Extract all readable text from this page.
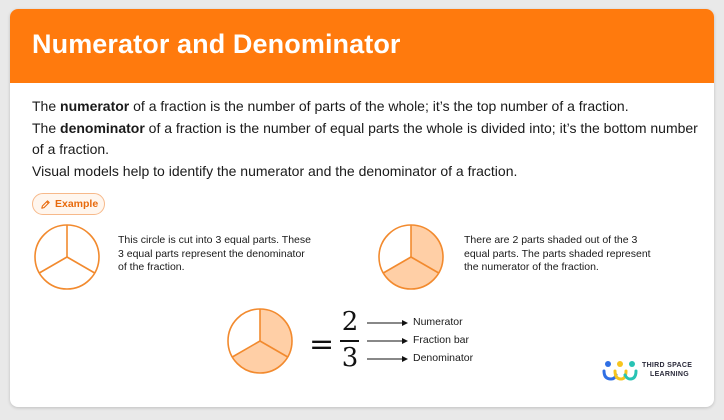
Numerator and Denominator

The numerator of a fraction is the number of parts of the whole; it’s the top number of a fraction.

The denominator of a fraction is the number of equal parts the whole is divided into; it’s the bottom number of a fraction.

Visual models help to identify the numerator and the denominator of a fraction.

Example
This circle is cut into 3 equal parts. These 3 equal parts represent the denominator of the fraction.
There are 2 parts shaded out of the 3 equal parts. The parts shaded represent the numerator of the fraction.
=
2
3
Numerator
Fraction bar
Denominator
THIRD SPACE
LEARNING
